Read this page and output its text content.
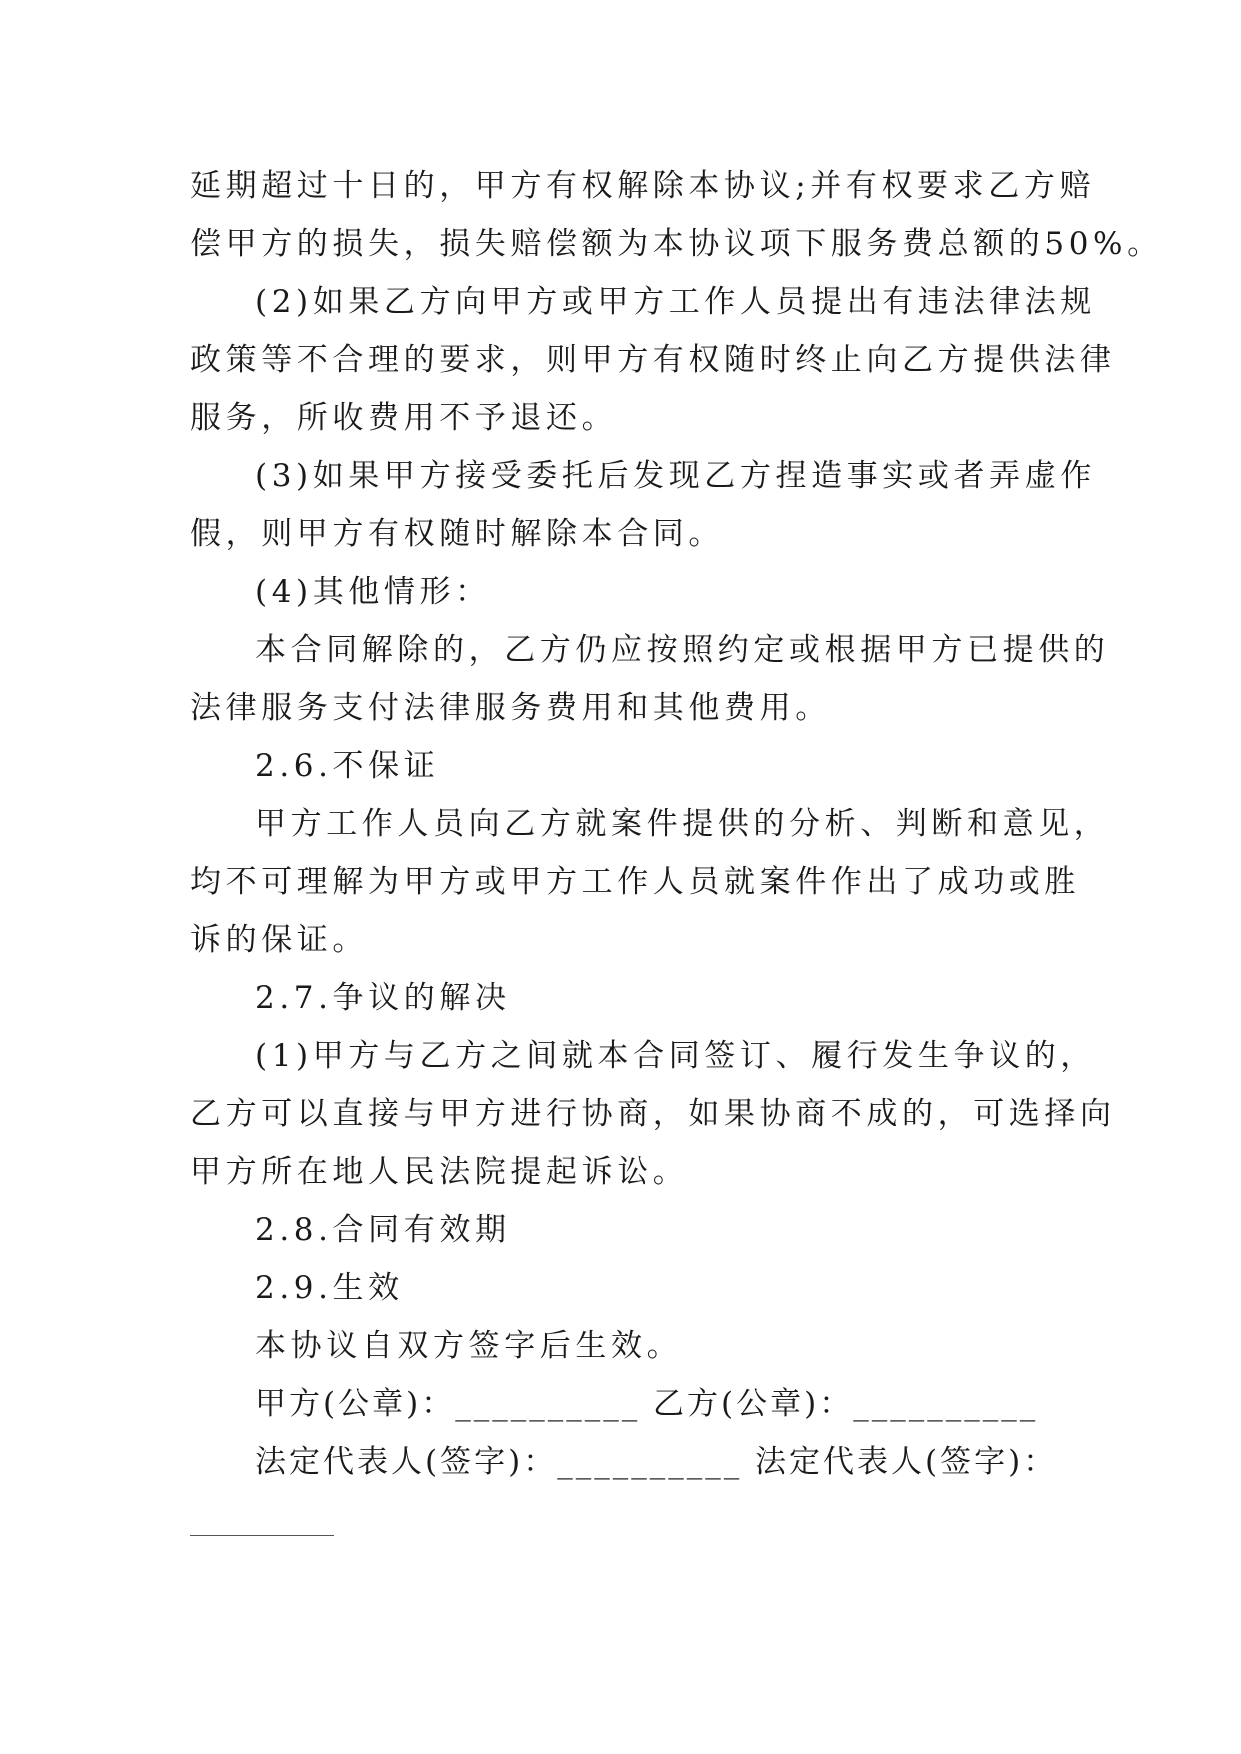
延期超过十日的，甲方有权解除本协议;并有权要求乙方赔
偿甲方的损失，损失赔偿额为本协议项下服务费总额的50%。
(2)如果乙方向甲方或甲方工作人员提出有违法律法规
政策等不合理的要求，则甲方有权随时终止向乙方提供法律
服务，所收费用不予退还。
(3)如果甲方接受委托后发现乙方捏造事实或者弄虚作
假，则甲方有权随时解除本合同。
(4)其他情形：
本合同解除的，乙方仍应按照约定或根据甲方已提供的
法律服务支付法律服务费用和其他费用。
2.6.不保证
甲方工作人员向乙方就案件提供的分析、判断和意见，
均不可理解为甲方或甲方工作人员就案件作出了成功或胜
诉的保证。
2.7.争议的解决
(1)甲方与乙方之间就本合同签订、履行发生争议的，
乙方可以直接与甲方进行协商，如果协商不成的，可选择向
甲方所在地人民法院提起诉讼。
2.8.合同有效期
2.9.生效
本协议自双方签字后生效。
甲方(公章)：__________ 乙方(公章)：__________
法定代表人(签字)：__________ 法定代表人(签字)：
